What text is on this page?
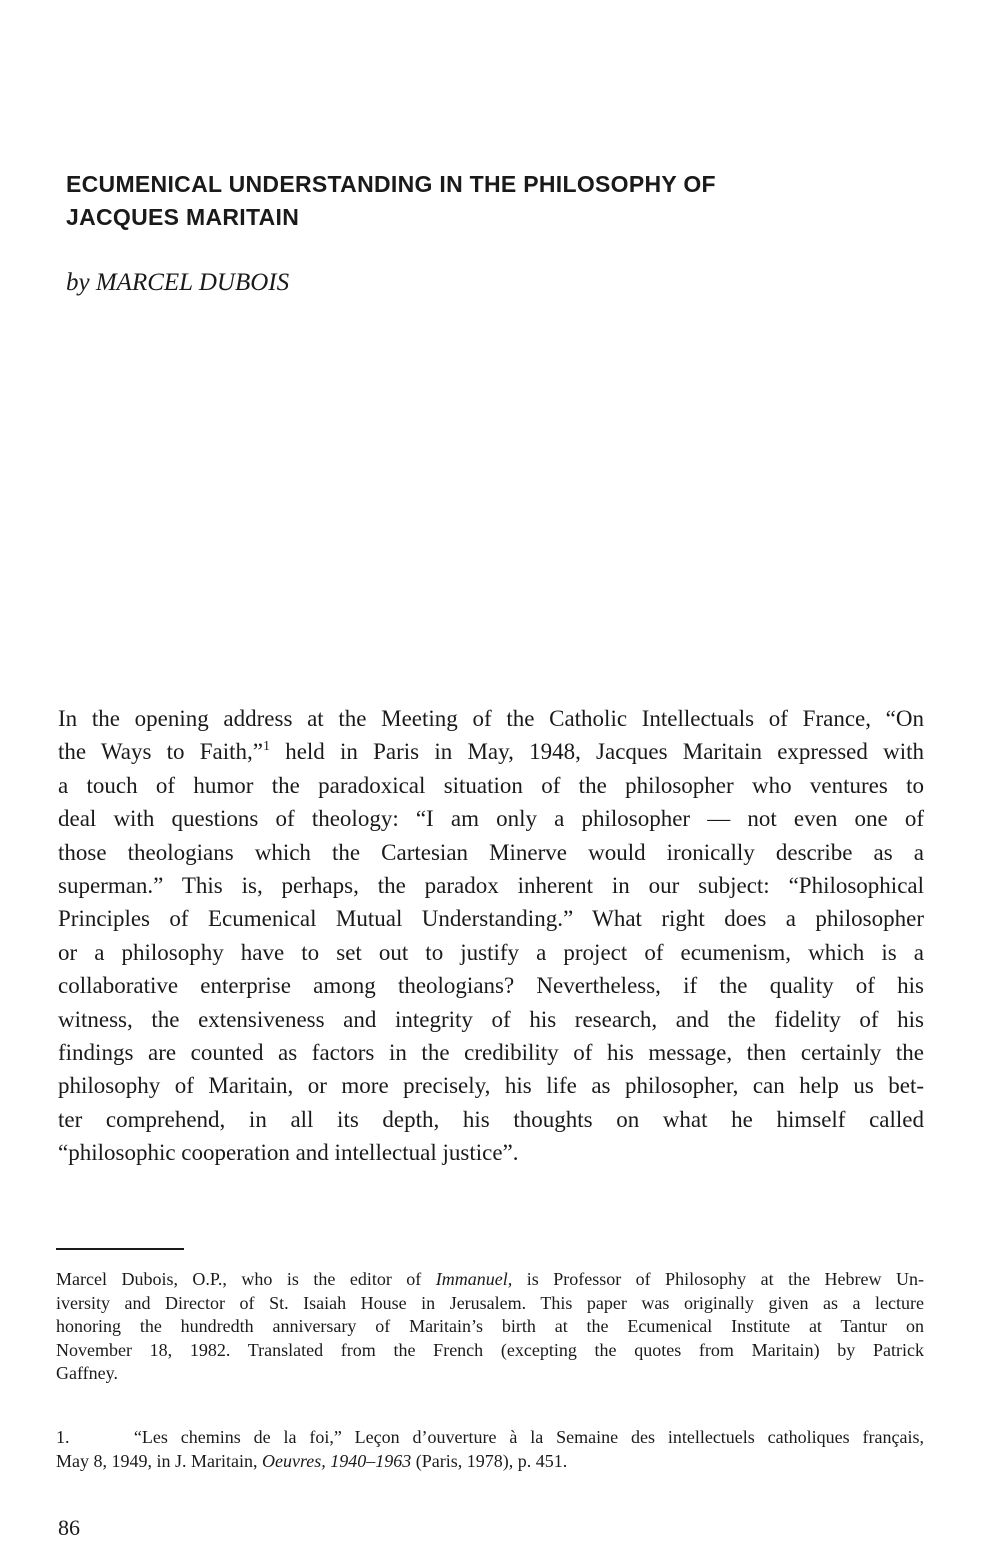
ECUMENICAL UNDERSTANDING IN THE PHILOSOPHY OF
JACQUES MARITAIN

by MARCEL DUBOIS

In the opening address at the Meeting of the Catholic Intellectuals of France, “On
the Ways to Faith,”$^1$ held in Paris in May, 1948, Jacques Maritain expressed with
a touch of humor the paradoxical situation of the philosopher who ventures to
deal with questions of theology: “I am only a philosopher — not even one of
those theologians which the Cartesian Minerve would ironically describe as a
superman.” This is, perhaps, the paradox inherent in our subject: “Philosophical
Principles of Ecumenical Mutual Understanding.” What right does a philosopher
or a philosophy have to set out to justify a project of ecumenism, which is a
collaborative enterprise among theologians? Nevertheless, if the quality of his
witness, the extensiveness and integrity of his research, and the fidelity of his
findings are counted as factors in the credibility of his message, then certainly the
philosophy of Maritain, or more precisely, his life as philosopher, can help us bet-
ter comprehend, in all its depth, his thoughts on what he himself called
“philosophic cooperation and intellectual justice”.

Marcel Dubois, O.P., who is the editor of Immanuel, is Professor of Philosophy at the Hebrew Un-
iversity and Director of St. Isaiah House in Jerusalem. This paper was originally given as a lecture
honoring the hundredth anniversary of Maritain’s birth at the Ecumenical Institute at Tantur on
November 18, 1982. Translated from the French (excepting the quotes from Maritain) by Patrick
Gaffney.

1.     “Les chemins de la foi,” Leçon d’ouverture à la Semaine des intellectuels catholiques français,
May 8, 1949, in J. Maritain, Oeuvres, 1940–1963 (Paris, 1978), p. 451.

86
